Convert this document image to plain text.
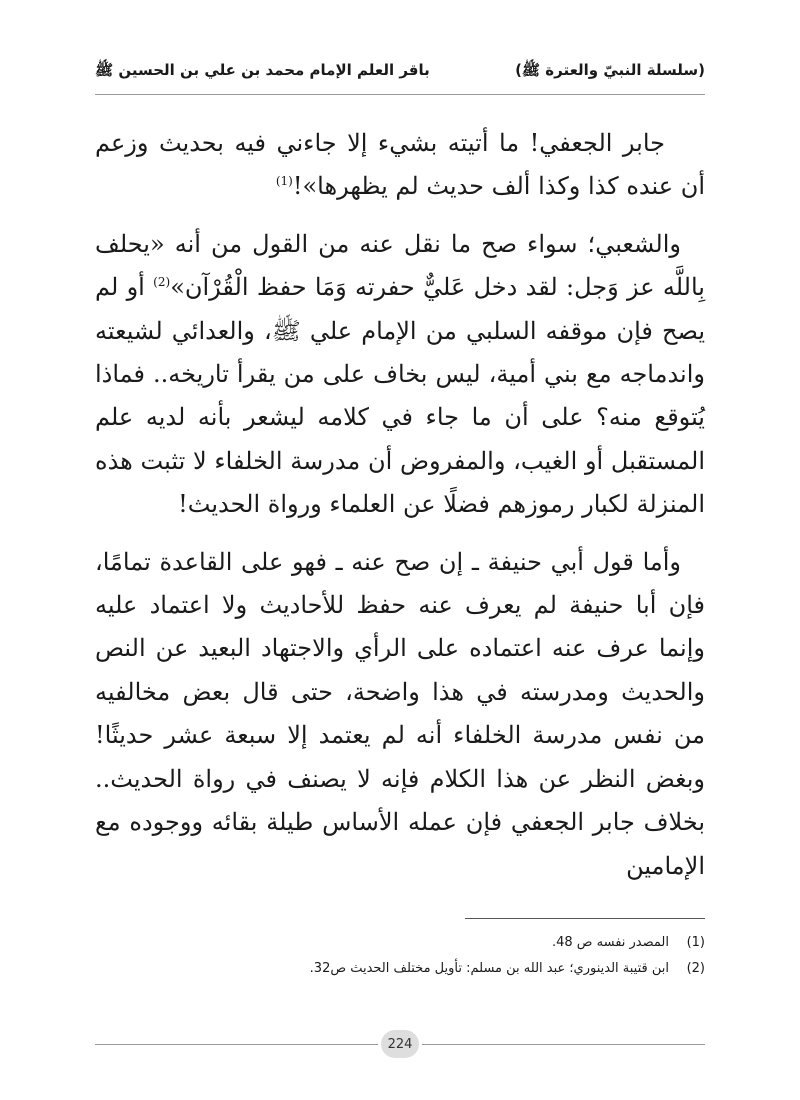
(سلسلة النبيّ والعترة ﷺ)
باقر العلم الإمام محمد بن علي بن الحسين ﷺ

جابر الجعفي! ما أتيته بشيء إلا جاءني فيه بحديث وزعم أن عنده كذا وكذا ألف حديث لم يظهرها»!$^{(1)}$

والشعبي؛ سواء صح ما نقل عنه من القول من أنه «يحلف بِاللَّه عز وَجل: لقد دخل عَليٌّ حفرته وَمَا حفظ الْقُرْآن»$^{(2)}$ أو لم يصح فإن موقفه السلبي من الإمام علي ﷺ، والعدائي لشيعته واندماجه مع بني أمية، ليس بخاف على من يقرأ تاريخه.. فماذا يُتوقع منه؟ على أن ما جاء في كلامه ليشعر بأنه لديه علم المستقبل أو الغيب، والمفروض أن مدرسة الخلفاء لا تثبت هذه المنزلة لكبار رموزهم فضلًا عن العلماء ورواة الحديث!

وأما قول أبي حنيفة ـ إن صح عنه ـ فهو على القاعدة تمامًا، فإن أبا حنيفة لم يعرف عنه حفظ للأحاديث ولا اعتماد عليه وإنما عرف عنه اعتماده على الرأي والاجتهاد البعيد عن النص والحديث ومدرسته في هذا واضحة، حتى قال بعض مخالفيه من نفس مدرسة الخلفاء أنه لم يعتمد إلا سبعة عشر حديثًا! وبغض النظر عن هذا الكلام فإنه لا يصنف في رواة الحديث.. بخلاف جابر الجعفي فإن عمله الأساس طيلة بقائه ووجوده مع الإمامين

(1)
المصدر نفسه ص 48.
(2)
ابن قتيبة الدينوري؛ عبد الله بن مسلم: تأويل مختلف الحديث ص32.
224
